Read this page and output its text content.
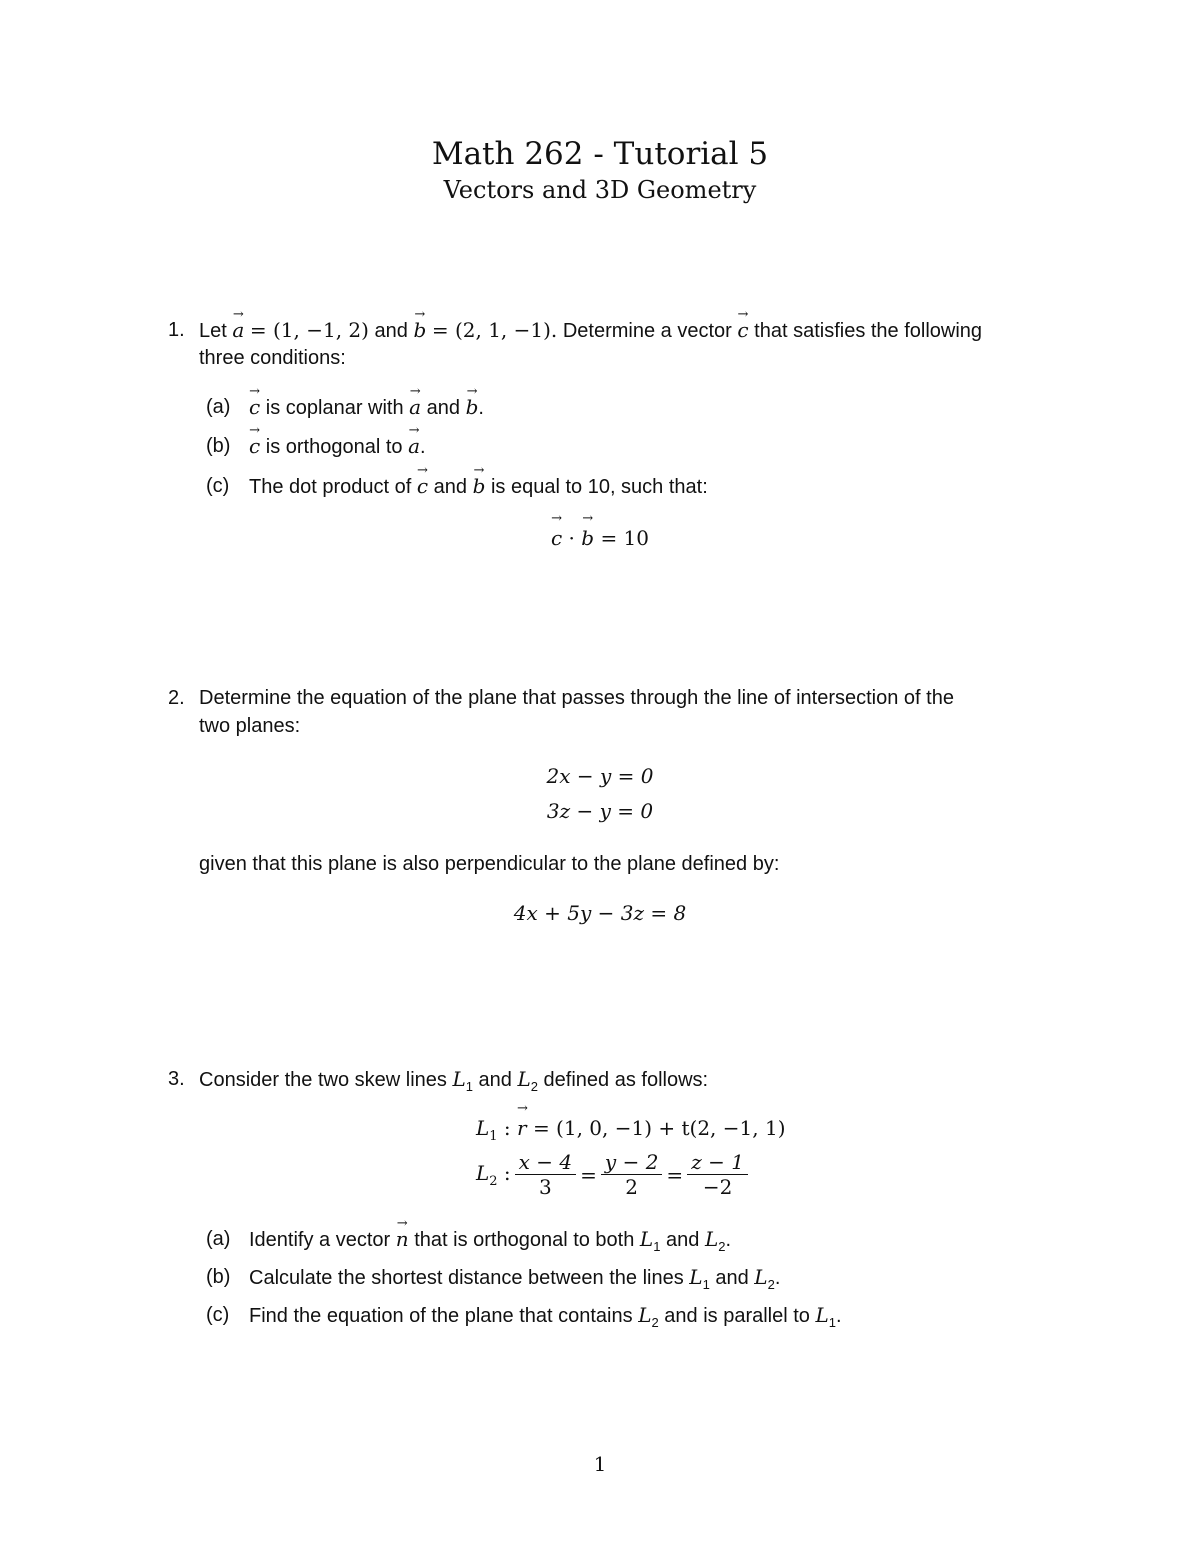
Math 262 - Tutorial 5
Vectors and 3D Geometry
1. Let → a = (1, −1, 2) and → b = (2, 1, −1). Determine a vector → c that satisfies the following
three conditions:
(a) → c is coplanar with → a and → b.
(b) → c is orthogonal to → a.
(c) The dot product of → c and → b is equal to 10, such that:
→ c · → b = 10
2. Determine the equation of the plane that passes through the line of intersection of the
two planes:
2x − y = 0
3z − y = 0
given that this plane is also perpendicular to the plane defined by:
4x + 5y − 3z = 8
3. Consider the two skew lines $L_1$ and $L_2$ defined as follows:
$L_1$ : → r = (1, 0, −1) + t(2, −1, 1)
$L_2$ : $\frac{x - 4}{3} = \frac{y - 2}{2} = \frac{z - 1}{-2}$
(a) Identify a vector → n that is orthogonal to both $L_1$ and $L_2$.
(b) Calculate the shortest distance between the lines $L_1$ and $L_2$.
(c) Find the equation of the plane that contains $L_2$ and is parallel to $L_1$.
1
